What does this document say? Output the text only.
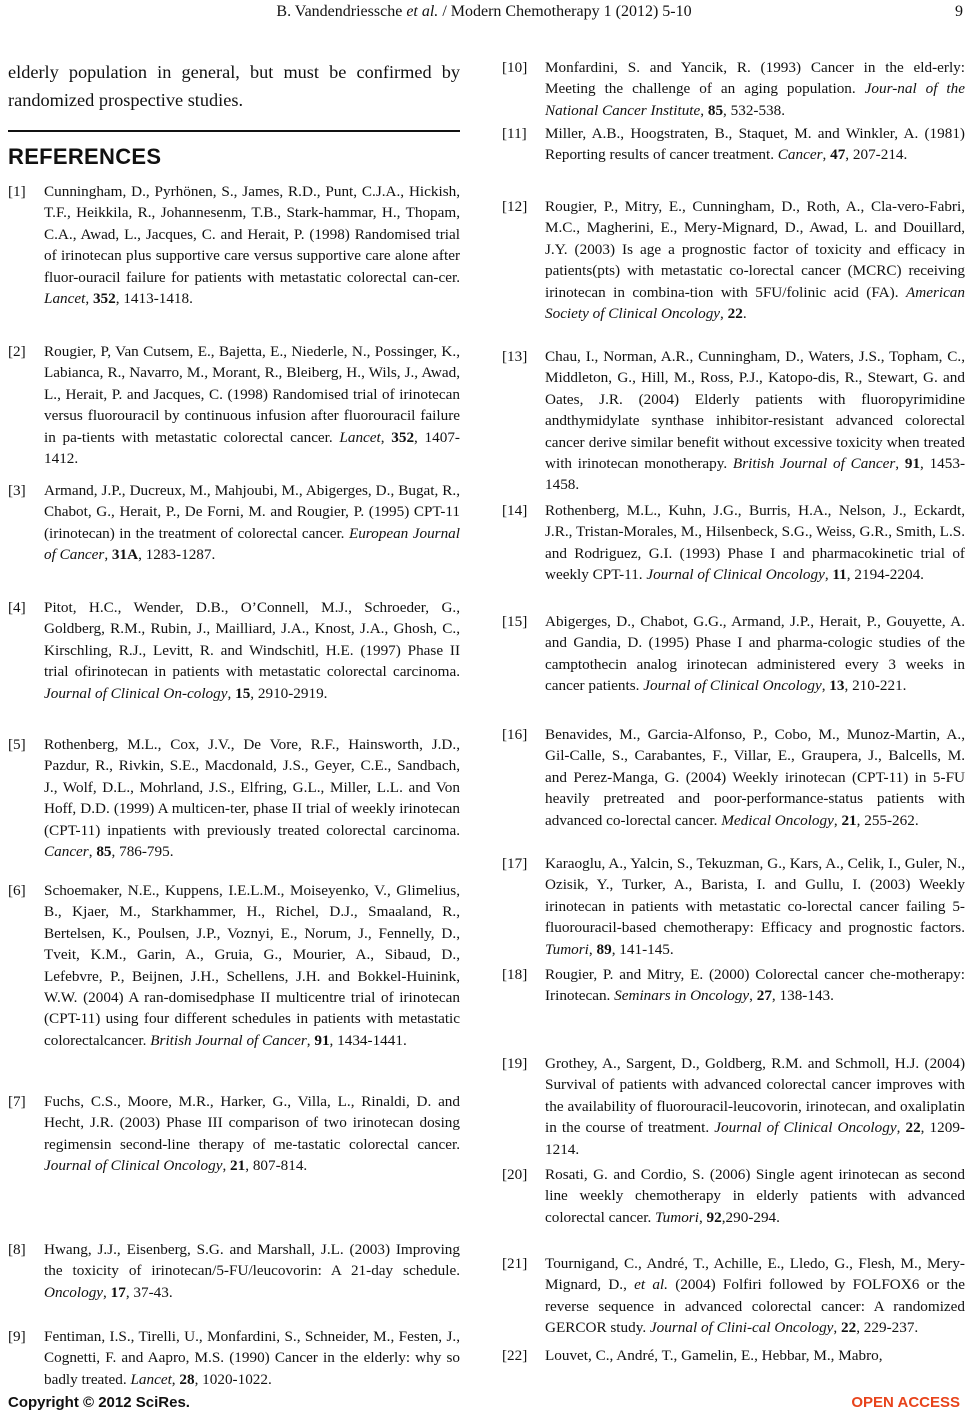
B. Vandendriessche et al. / Modern Chemotherapy 1 (2012) 5-10	9
elderly population in general, but must be confirmed by randomized prospective studies.
REFERENCES
[1] Cunningham, D., Pyrhönen, S., James, R.D., Punt, C.J.A., Hickish, T.F., Heikkila, R., Johannesenm, T.B., Stark-hammar, H., Thopam, C.A., Awad, L., Jacques, C. and Herait, P. (1998) Randomised trial of irinotecan plus supportive care versus supportive care alone after fluor-ouracil failure for patients with metastatic colorectal can-cer. Lancet, 352, 1413-1418.
[2] Rougier, P, Van Cutsem, E., Bajetta, E., Niederle, N., Possinger, K., Labianca, R., Navarro, M., Morant, R., Bleiberg, H., Wils, J., Awad, L., Herait, P. and Jacques, C. (1998) Randomised trial of irinotecan versus fluorouracil by continuous infusion after fluorouracil failure in pa-tients with metastatic colorectal cancer. Lancet, 352, 1407-1412.
[3] Armand, J.P., Ducreux, M., Mahjoubi, M., Abigerges, D., Bugat, R., Chabot, G., Herait, P., De Forni, M. and Rougier, P. (1995) CPT-11 (irinotecan) in the treatment of colorectal cancer. European Journal of Cancer, 31A, 1283-1287.
[4] Pitot, H.C., Wender, D.B., O’Connell, M.J., Schroeder, G., Goldberg, R.M., Rubin, J., Mailliard, J.A., Knost, J.A., Ghosh, C., Kirschling, R.J., Levitt, R. and Windschitl, H.E. (1997) Phase II trial ofirinotecan in patients with metastatic colorectal carcinoma. Journal of Clinical On-cology, 15, 2910-2919.
[5] Rothenberg, M.L., Cox, J.V., De Vore, R.F., Hainsworth, J.D., Pazdur, R., Rivkin, S.E., Macdonald, J.S., Geyer, C.E., Sandbach, J., Wolf, D.L., Mohrland, J.S., Elfring, G.L., Miller, L.L. and Von Hoff, D.D. (1999) A multicen-ter, phase II trial of weekly irinotecan (CPT-11) inpatients with previously treated colorectal carcinoma. Cancer, 85, 786-795.
[6] Schoemaker, N.E., Kuppens, I.E.L.M., Moiseyenko, V., Glimelius, B., Kjaer, M., Starkhammer, H., Richel, D.J., Smaaland, R., Bertelsen, K., Poulsen, J.P., Voznyi, E., Norum, J., Fennelly, D., Tveit, K.M., Garin, A., Gruia, G., Mourier, A., Sibaud, D., Lefebvre, P., Beijnen, J.H., Schellens, J.H. and Bokkel-Huinink, W.W. (2004) A ran-domisedphase II multicentre trial of irinotecan (CPT-11) using four different schedules in patients with metastatic colorectalcancer. British Journal of Cancer, 91, 1434-1441.
[7] Fuchs, C.S., Moore, M.R., Harker, G., Villa, L., Rinaldi, D. and Hecht, J.R. (2003) Phase III comparison of two irinotecan dosing regimensin second-line therapy of me-tastatic colorectal cancer. Journal of Clinical Oncology, 21, 807-814.
[8] Hwang, J.J., Eisenberg, S.G. and Marshall, J.L. (2003) Improving the toxicity of irinotecan/5-FU/leucovorin: A 21-day schedule. Oncology, 17, 37-43.
[9] Fentiman, I.S., Tirelli, U., Monfardini, S., Schneider, M., Festen, J., Cognetti, F. and Aapro, M.S. (1990) Cancer in the elderly: why so badly treated. Lancet, 28, 1020-1022.
[10] Monfardini, S. and Yancik, R. (1993) Cancer in the eld-erly: Meeting the challenge of an aging population. Jour-nal of the National Cancer Institute, 85, 532-538.
[11] Miller, A.B., Hoogstraten, B., Staquet, M. and Winkler, A. (1981) Reporting results of cancer treatment. Cancer, 47, 207-214.
[12] Rougier, P., Mitry, E., Cunningham, D., Roth, A., Cla-vero-Fabri, M.C., Magherini, E., Mery-Mignard, D., Awad, L. and Douillard, J.Y. (2003) Is age a prognostic factor of toxicity and efficacy in patients(pts) with metastatic co-lorectal cancer (MCRC) receiving irinotecan in combina-tion with 5FU/folinic acid (FA). American Society of Clinical Oncology, 22.
[13] Chau, I., Norman, A.R., Cunningham, D., Waters, J.S., Topham, C., Middleton, G., Hill, M., Ross, P.J., Katopo-dis, R., Stewart, G. and Oates, J.R. (2004) Elderly patients with fluoropyrimidine andthymidylate synthase inhibitor-resistant advanced colorectal cancer derive similar benefit without excessive toxicity when treated with irinotecan monotherapy. British Journal of Cancer, 91, 1453-1458.
[14] Rothenberg, M.L., Kuhn, J.G., Burris, H.A., Nelson, J., Eckardt, J.R., Tristan-Morales, M., Hilsenbeck, S.G., Weiss, G.R., Smith, L.S. and Rodriguez, G.I. (1993) Phase I and pharmacokinetic trial of weekly CPT-11. Journal of Clinical Oncology, 11, 2194-2204.
[15] Abigerges, D., Chabot, G.G., Armand, J.P., Herait, P., Gouyette, A. and Gandia, D. (1995) Phase I and pharma-cologic studies of the camptothecin analog irinotecan administered every 3 weeks in cancer patients. Journal of Clinical Oncology, 13, 210-221.
[16] Benavides, M., Garcia-Alfonso, P., Cobo, M., Munoz-Martin, A., Gil-Calle, S., Carabantes, F., Villar, E., Graupera, J., Balcells, M. and Perez-Manga, G. (2004) Weekly irinotecan (CPT-11) in 5-FU heavily pretreated and poor-performance-status patients with advanced co-lorectal cancer. Medical Oncology, 21, 255-262.
[17] Karaoglu, A., Yalcin, S., Tekuzman, G., Kars, A., Celik, I., Guler, N., Ozisik, Y., Turker, A., Barista, I. and Gullu, I. (2003) Weekly irinotecan in patients with metastatic co-lorectal cancer failing 5-fluorouracil-based chemotherapy: Efficacy and prognostic factors. Tumori, 89, 141-145.
[18] Rougier, P. and Mitry, E. (2000) Colorectal cancer che-motherapy: Irinotecan. Seminars in Oncology, 27, 138-143.
[19] Grothey, A., Sargent, D., Goldberg, R.M. and Schmoll, H.J. (2004) Survival of patients with advanced colorectal cancer improves with the availability of fluorouracil-leucovorin, irinotecan, and oxaliplatin in the course of treatment. Journal of Clinical Oncology, 22, 1209-1214.
[20] Rosati, G. and Cordio, S. (2006) Single agent irinotecan as second line weekly chemotherapy in elderly patients with advanced colorectal cancer. Tumori, 92,290-294.
[21] Tournigand, C., André, T., Achille, E., Lledo, G., Flesh, M., Mery-Mignard, D., et al. (2004) Folfiri followed by FOLFOX6 or the reverse sequence in advanced colorectal cancer: A randomized GERCOR study. Journal of Clini-cal Oncology, 22, 229-237.
[22] Louvet, C., André, T., Gamelin, E., Hebbar, M., Mabro,
Copyright © 2012 SciRes.	OPEN ACCESS
